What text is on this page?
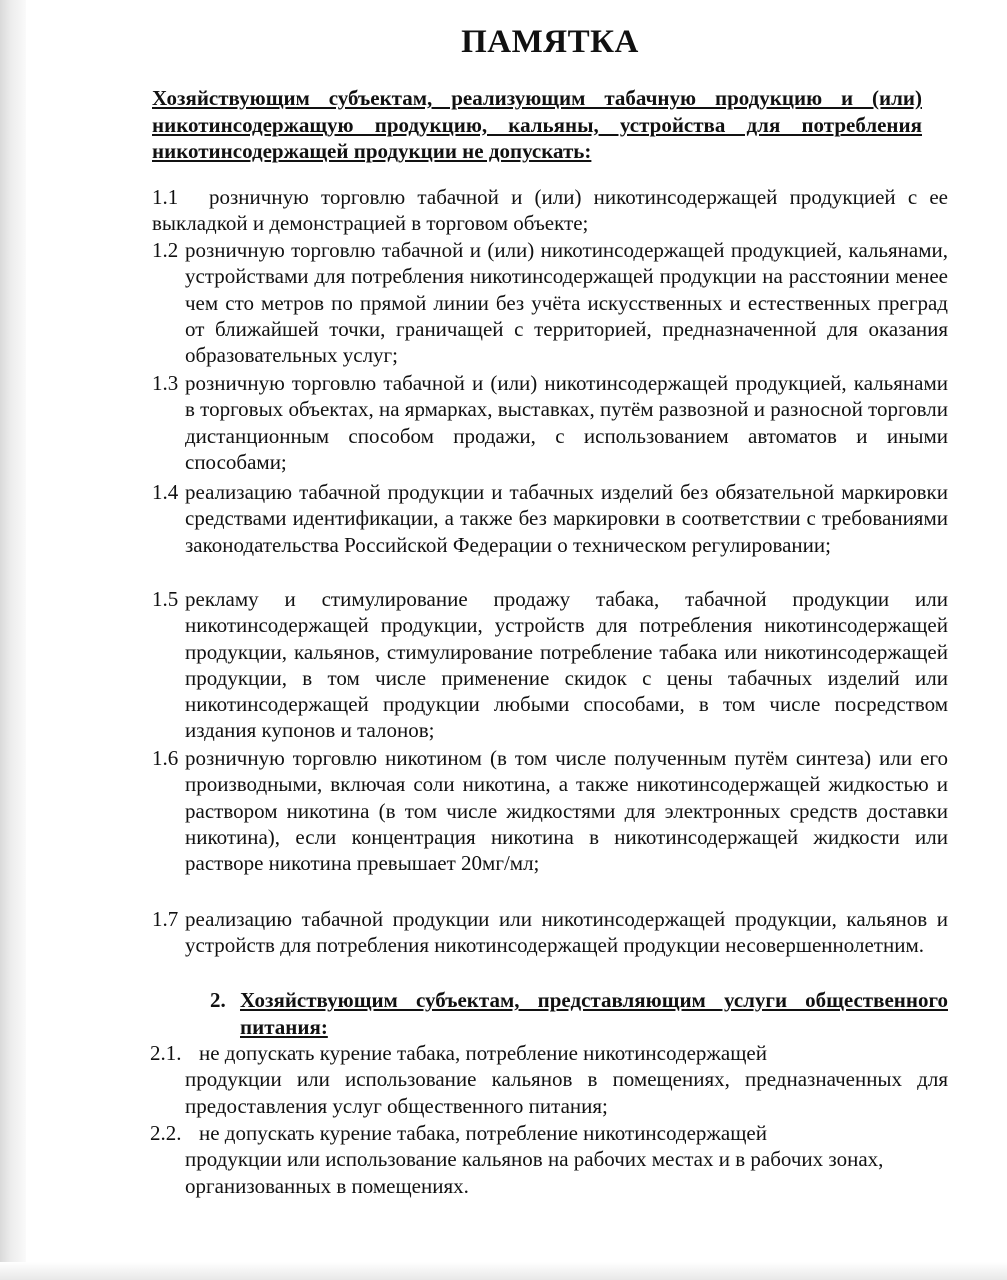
ПАМЯТКА
Хозяйствующим субъектам, реализующим табачную продукцию и (или) никотинсодержащую продукцию, кальяны, устройства для потребления никотинсодержащей продукции не допускать:
1.1	розничную торговлю табачной и (или) никотинсодержащей продукцией с ее выкладкой и демонстрацией в торговом объекте;
1.2 розничную торговлю табачной и (или) никотинсодержащей продукцией, кальянами, устройствами для потребления никотинсодержащей продукции на расстоянии менее чем сто метров по прямой линии без учёта искусственных и естественных преград от ближайшей точки, граничащей с территорией, предназначенной для оказания образовательных услуг;
1.3 розничную торговлю табачной и (или) никотинсодержащей продукцией, кальянами в торговых объектах, на ярмарках, выставках, путём развозной и разносной торговли дистанционным способом продажи, с использованием автоматов и иными способами;
1.4 реализацию табачной продукции и табачных изделий без обязательной маркировки средствами идентификации, а также без маркировки в соответствии с требованиями законодательства Российской Федерации о техническом регулировании;
1.5 рекламу и стимулирование продажу табака, табачной продукции или никотинсодержащей продукции, устройств для потребления никотинсодержащей продукции, кальянов, стимулирование потребление табака или никотинсодержащей продукции, в том числе применение скидок с цены табачных изделий или никотинсодержащей продукции любыми способами, в том числе посредством издания купонов и талонов;
1.6 розничную торговлю никотином (в том числе полученным путём синтеза) или его производными, включая соли никотина, а также никотинсодержащей жидкостью и раствором никотина (в том числе жидкостями для электронных средств доставки никотина), если концентрация никотина в никотинсодержащей жидкости или растворе никотина превышает 20мг/мл;
1.7 реализацию табачной продукции или никотинсодержащей продукции, кальянов и устройств для потребления никотинсодержащей продукции несовершеннолетним.
2. Хозяйствующим субъектам, представляющим услуги общественного питания:
2.1. не допускать курение табака, потребление никотинсодержащей
продукции или использование кальянов в помещениях, предназначенных для предоставления услуг общественного питания;
2.2. не допускать курение табака, потребление никотинсодержащей
продукции или использование кальянов на рабочих местах и в рабочих зонах, организованных в помещениях.
